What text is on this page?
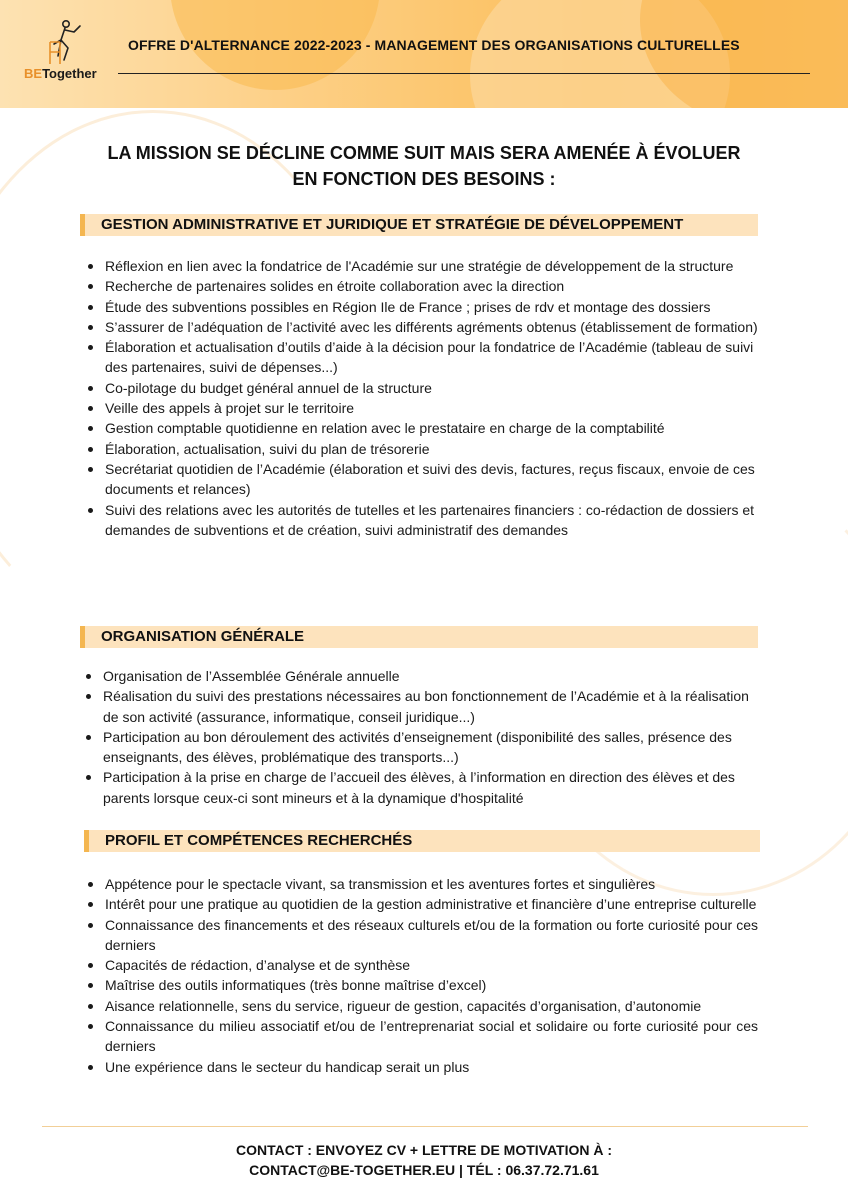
BETogether
OFFRE D'ALTERNANCE 2022-2023 - MANAGEMENT DES ORGANISATIONS CULTURELLES
LA MISSION SE DÉCLINE COMME SUIT MAIS SERA AMENÉE À ÉVOLUER
EN FONCTION DES BESOINS :
GESTION ADMINISTRATIVE ET JURIDIQUE ET STRATÉGIE DE DÉVELOPPEMENT
Réflexion en lien avec la fondatrice de l'Académie sur une stratégie de développement de la structure
Recherche de partenaires solides en étroite collaboration avec la direction
Étude des subventions possibles en Région Ile de France ; prises de rdv et montage des dossiers
S’assurer de l’adéquation de l’activité avec les différents agréments obtenus (établissement de formation)
Élaboration et actualisation d’outils d’aide à la décision pour la fondatrice de l’Académie (tableau de suivi des partenaires, suivi de dépenses...)
Co-pilotage du budget général annuel de la structure
Veille des appels à projet sur le territoire
Gestion comptable quotidienne en relation avec le prestataire en charge de la comptabilité
Élaboration, actualisation, suivi du plan de trésorerie
Secrétariat quotidien de l’Académie (élaboration et suivi des devis, factures, reçus fiscaux, envoie de ces documents et relances)
Suivi des relations avec les autorités de tutelles et les partenaires financiers : co-rédaction de dossiers et demandes de subventions et de création, suivi administratif des demandes
ORGANISATION GÉNÉRALE
Organisation de l’Assemblée Générale annuelle
Réalisation du suivi des prestations nécessaires au bon fonctionnement de l’Académie et à la réalisation de son activité (assurance, informatique, conseil juridique...)
Participation au bon déroulement des activités d’enseignement (disponibilité des salles, présence des enseignants, des élèves, problématique des transports...)
Participation à la prise en charge de l’accueil des élèves, à l’information en direction des élèves et des parents lorsque ceux-ci sont mineurs et à la dynamique d'hospitalité
PROFIL ET COMPÉTENCES RECHERCHÉS
Appétence pour le spectacle vivant, sa transmission et les aventures fortes et singulières
Intérêt pour une pratique au quotidien de la gestion administrative et financière d’une entreprise culturelle
Connaissance des financements et des réseaux culturels et/ou de la formation ou forte curiosité pour ces derniers
Capacités de rédaction, d’analyse et de synthèse
Maîtrise des outils informatiques (très bonne maîtrise d’excel)
Aisance relationnelle, sens du service, rigueur de gestion, capacités d’organisation, d’autonomie
Connaissance du milieu associatif et/ou de l’entreprenariat social et solidaire ou forte curiosité pour ces derniers
Une expérience dans le secteur du handicap serait un plus
CONTACT : ENVOYEZ CV + LETTRE DE MOTIVATION À :
CONTACT@BE-TOGETHER.EU | TÉL : 06.37.72.71.61
